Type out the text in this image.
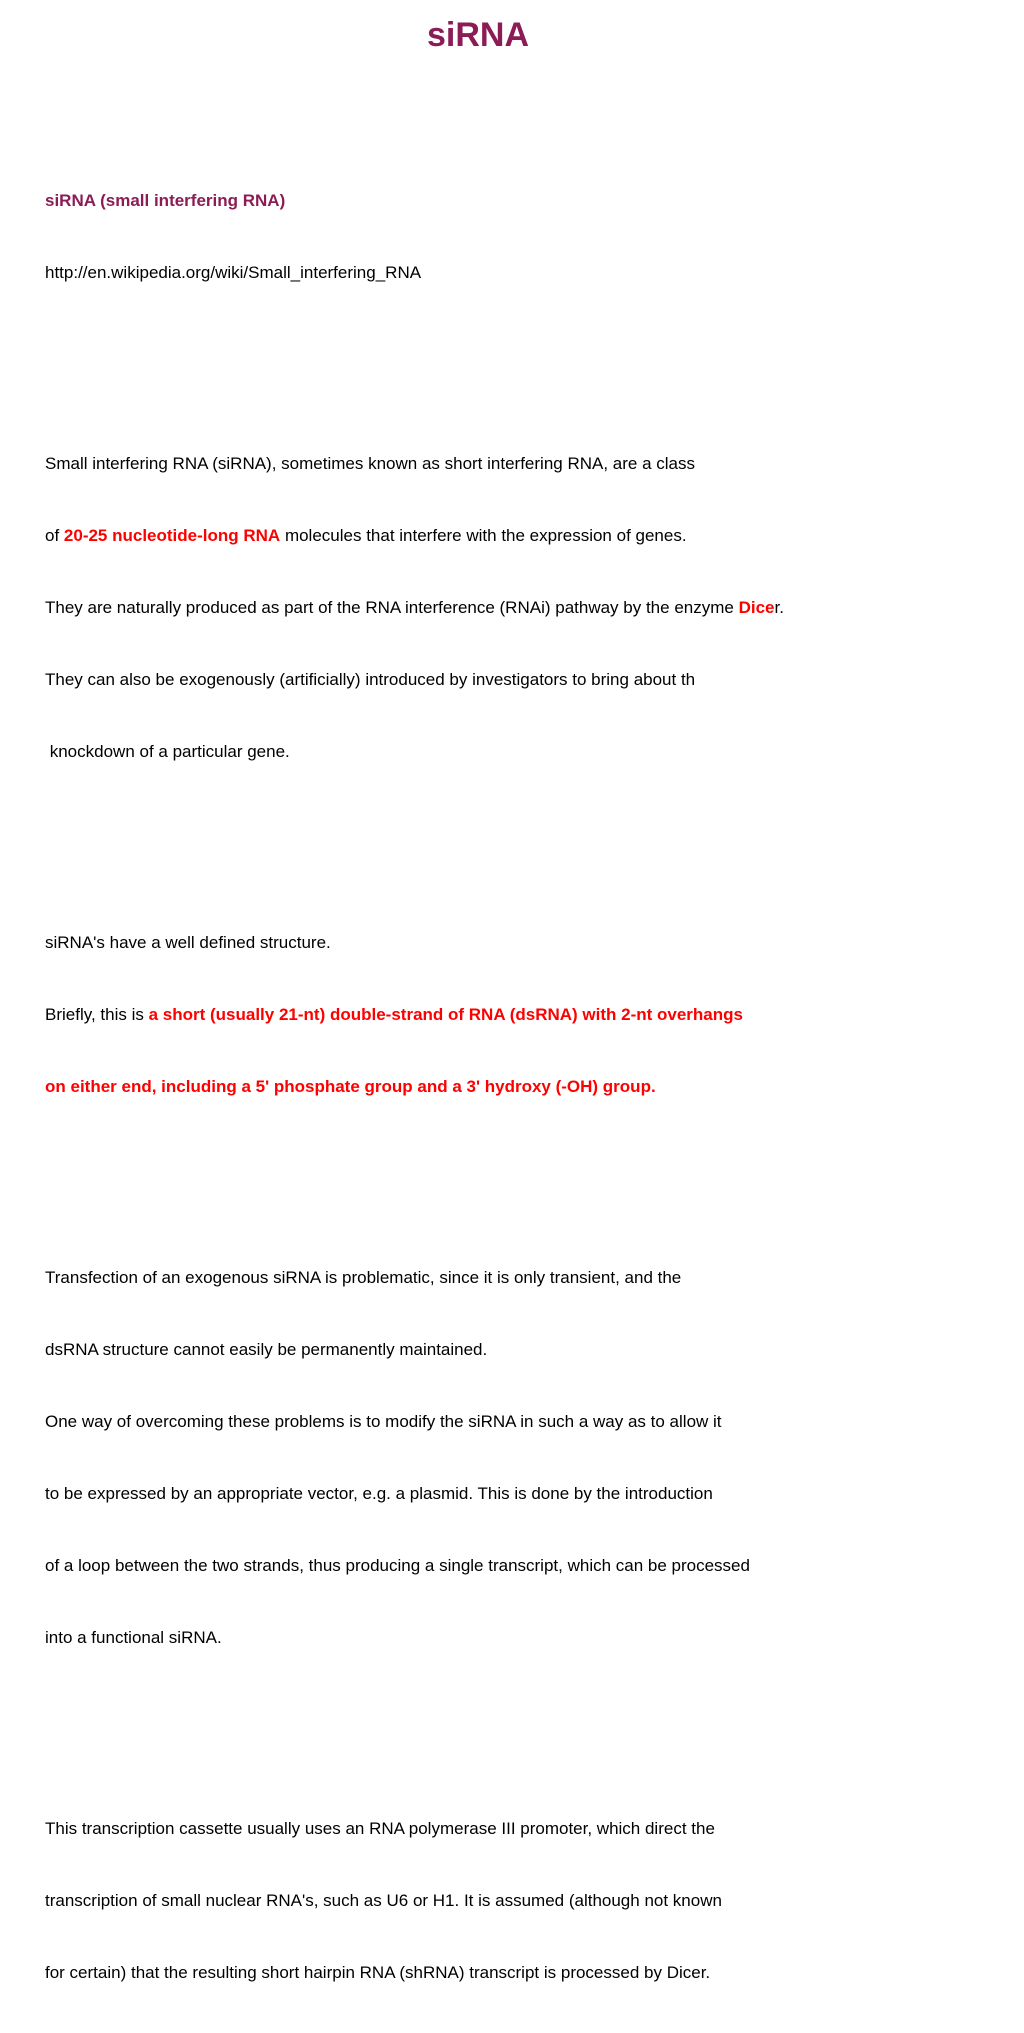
siRNA

siRNA (small interfering RNA)

http://en.wikipedia.org/wiki/Small_interfering_RNA

Small interfering RNA (siRNA), sometimes known as short interfering RNA, are a class

of 20-25 nucleotide-long RNA molecules that interfere with the expression of genes.

They are naturally produced as part of the RNA interference (RNAi) pathway by the enzyme Dicer.

They can also be exogenously (artificially) introduced by investigators to bring about th

knockdown of a particular gene.

siRNA's have a well defined structure.

Briefly, this is a short (usually 21-nt) double-strand of RNA (dsRNA) with 2-nt overhangs

on either end, including a 5' phosphate group and a 3' hydroxy (-OH) group.

Transfection of an exogenous siRNA is problematic, since it is only transient, and the

dsRNA structure cannot easily be permanently maintained.

One way of overcoming these problems is to modify the siRNA in such a way as to allow it

to be expressed by an appropriate vector, e.g. a plasmid. This is done by the introduction

of a loop between the two strands, thus producing a single transcript, which can be processed

into a functional siRNA.

This transcription cassette usually uses an RNA polymerase III promoter, which direct the

transcription of small nuclear RNA's, such as U6 or H1. It is assumed (although not known

for certain) that the resulting short hairpin RNA (shRNA) transcript is processed by Dicer.
